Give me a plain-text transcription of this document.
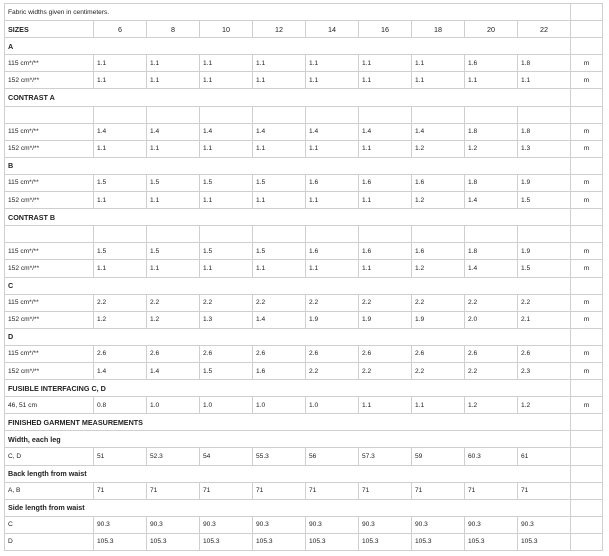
Fabric widths given in centimeters.										
SIZES	6	8	10	12	14	16	18	20	22	
A										
115 cm*/**	1.1	1.1	1.1	1.1	1.1	1.1	1.1	1.6	1.8	m
152 cm*/**	1.1	1.1	1.1	1.1	1.1	1.1	1.1	1.1	1.1	m
CONTRAST A										

115 cm*/**	1.4	1.4	1.4	1.4	1.4	1.4	1.4	1.8	1.8	m
152 cm*/**	1.1	1.1	1.1	1.1	1.1	1.1	1.2	1.2	1.3	m
B										
115 cm*/**	1.5	1.5	1.5	1.5	1.6	1.6	1.6	1.8	1.9	m
152 cm*/**	1.1	1.1	1.1	1.1	1.1	1.1	1.2	1.4	1.5	m
CONTRAST B										

115 cm*/**	1.5	1.5	1.5	1.5	1.6	1.6	1.6	1.8	1.9	m
152 cm*/**	1.1	1.1	1.1	1.1	1.1	1.1	1.2	1.4	1.5	m
C										
115 cm*/**	2.2	2.2	2.2	2.2	2.2	2.2	2.2	2.2	2.2	m
152 cm*/**	1.2	1.2	1.3	1.4	1.9	1.9	1.9	2.0	2.1	m
D										
115 cm*/**	2.6	2.6	2.6	2.6	2.6	2.6	2.6	2.6	2.6	m
152 cm*/**	1.4	1.4	1.5	1.6	2.2	2.2	2.2	2.2	2.3	m
FUSIBLE INTERFACING C, D										
46, 51 cm	0.8	1.0	1.0	1.0	1.0	1.1	1.1	1.2	1.2	m
FINISHED GARMENT MEASUREMENTS										
Width, each leg										
C, D	51	52.3	54	55.3	56	57.3	59	60.3	61	
Back length from waist										
A, B	71	71	71	71	71	71	71	71	71	
Side length from waist										
C	90.3	90.3	90.3	90.3	90.3	90.3	90.3	90.3	90.3	
D	105.3	105.3	105.3	105.3	105.3	105.3	105.3	105.3	105.3	
